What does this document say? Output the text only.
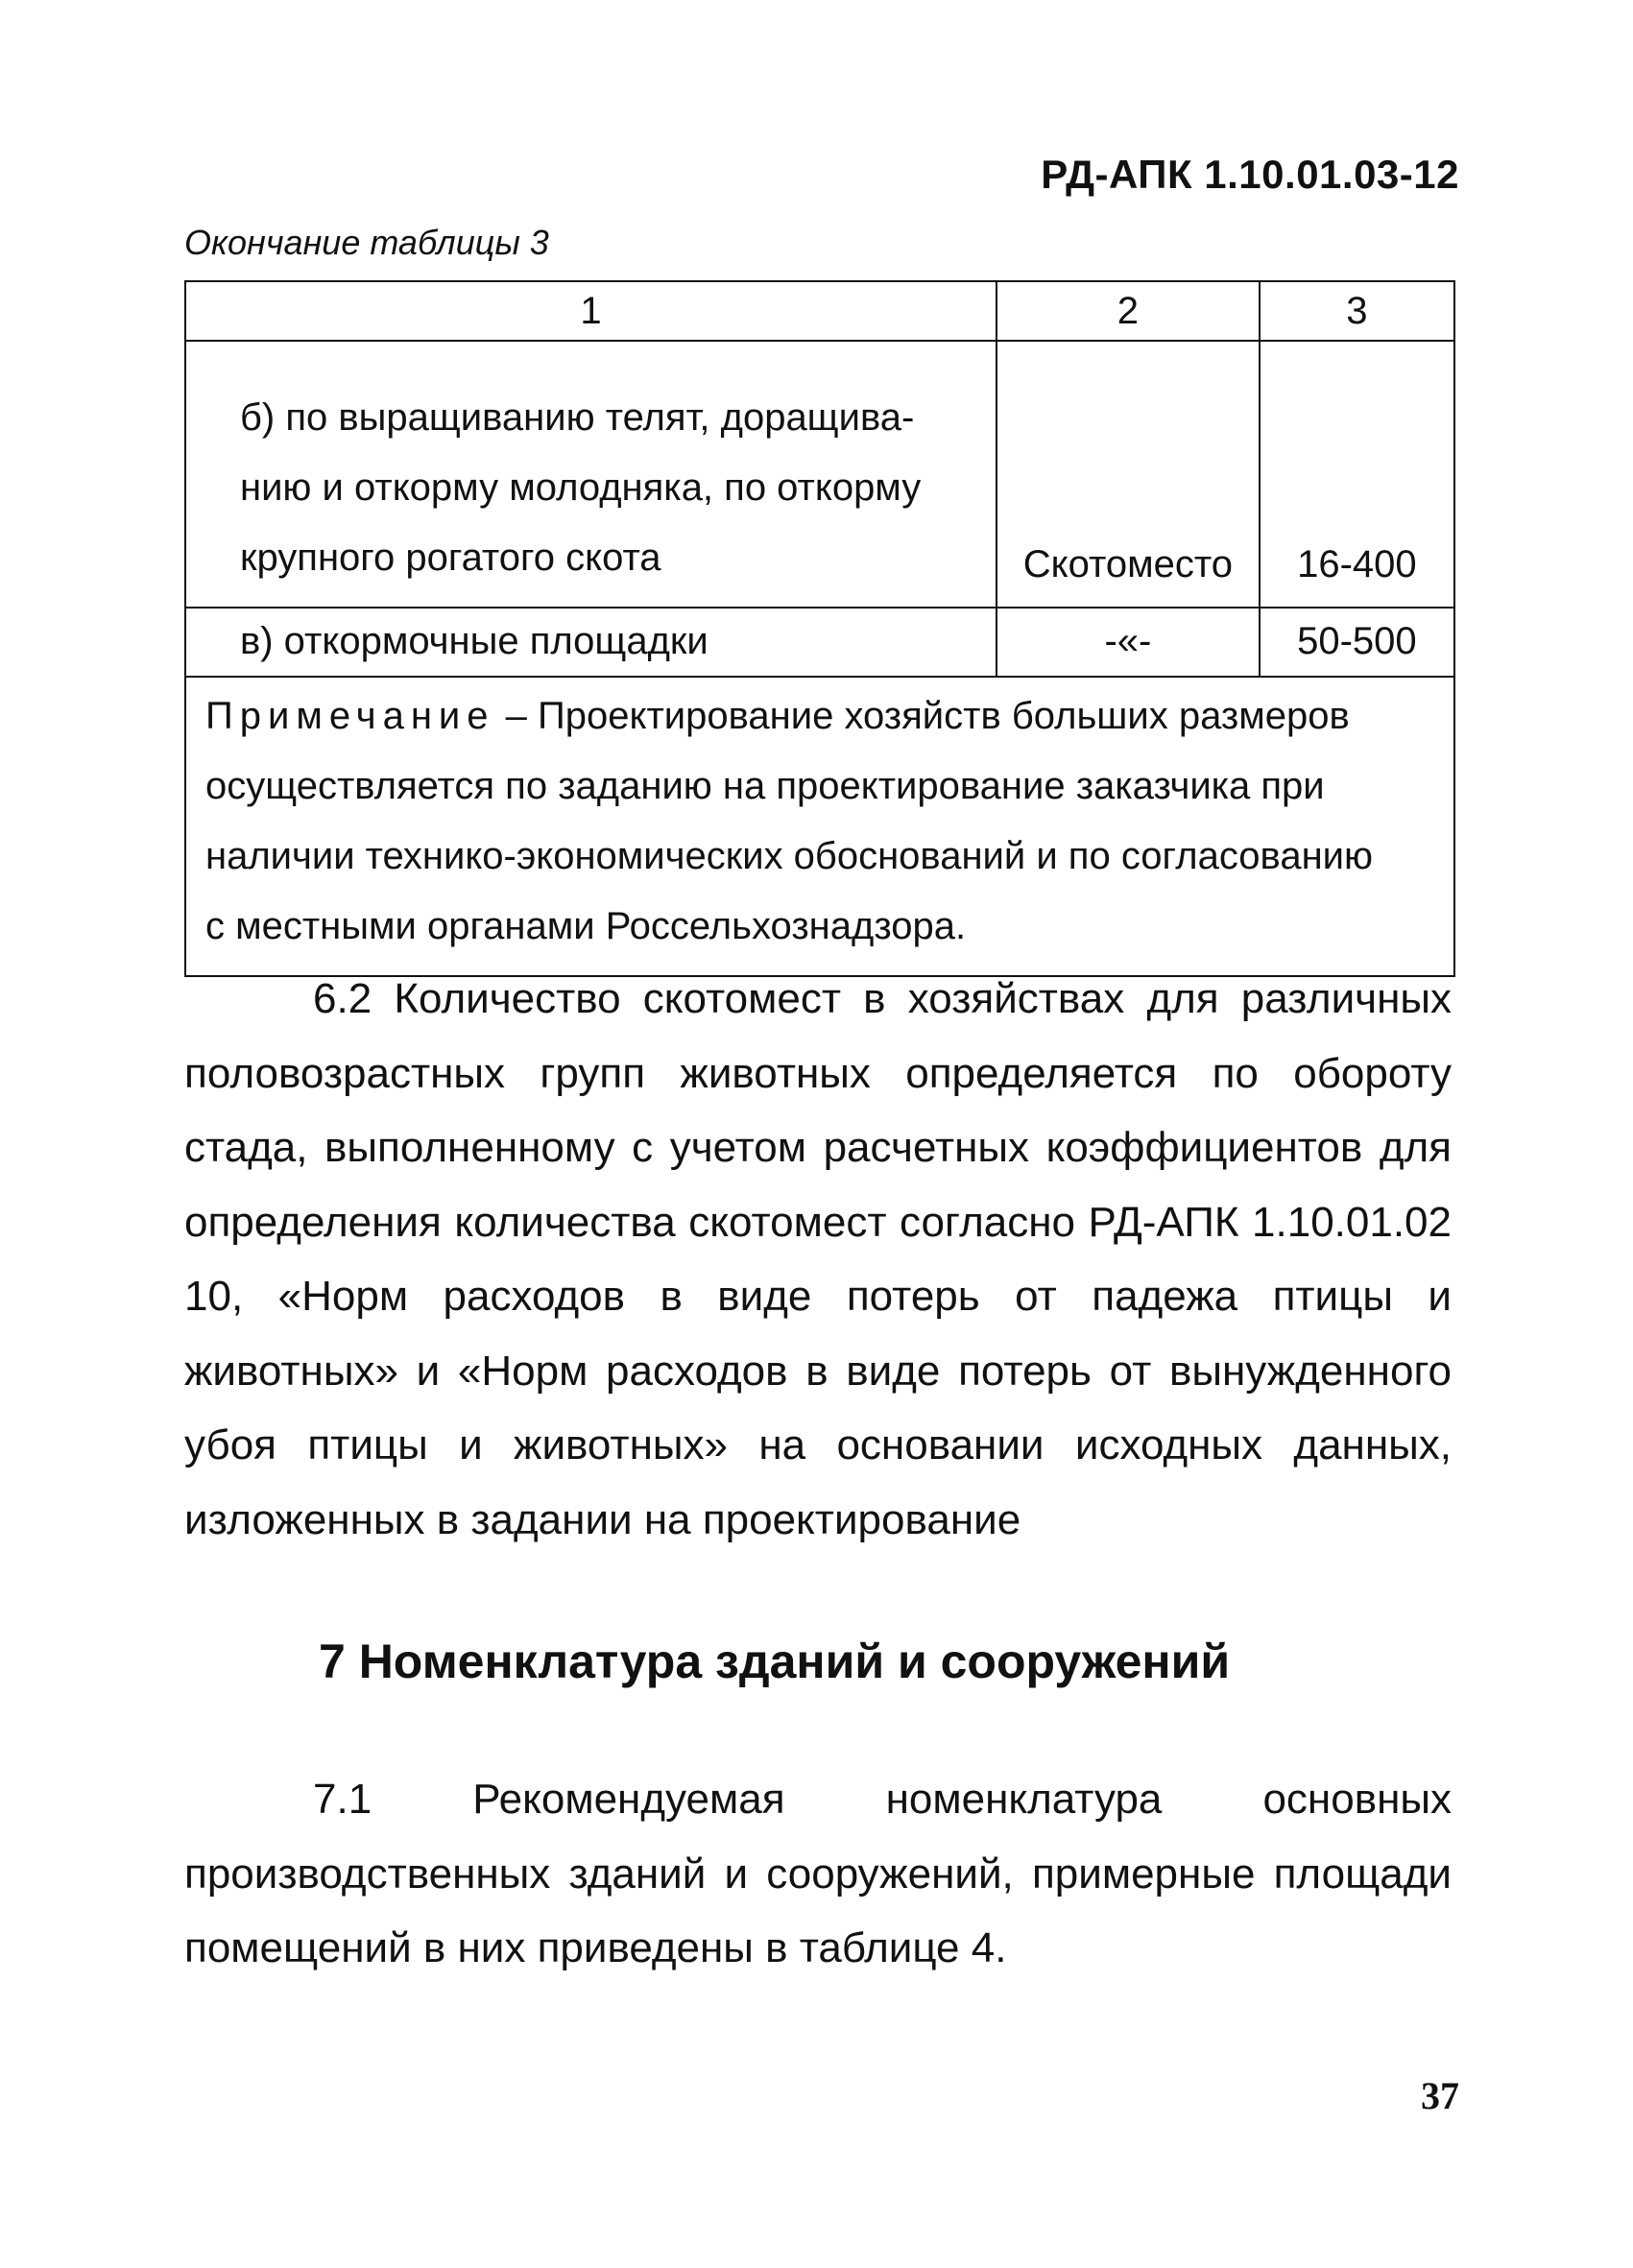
РД-АПК 1.10.01.03-12
Окончание таблицы 3
1	2	3

б) по выращиванию телят, доращива-
нию и откорму молодняка, по откорму
крупного рогатого скота	Скотоместо	16-400

в) откормочные площадки	-«-	50-500

Примечание – Проектирование хозяйств больших размеров
осуществляется по заданию на проектирование заказчика при
наличии технико-экономических обоснований и по согласованию
с местными органами Россельхознадзора.		

6.2 Количество скотомест в хозяйствах для различных половозрастных групп животных определяется по обороту стада, выполненному с учетом расчетных коэффициентов для определения количества скотомест согласно РД-АПК 1.10.01.02 10, «Норм расходов в виде потерь от падежа птицы и животных» и «Норм расходов в виде потерь от вынужденного убоя птицы и животных» на основании исходных данных, изложенных в задании на проектирование

7 Номенклатура зданий и сооружений

7.1 Рекомендуемая номенклатура основных производственных зданий и сооружений, примерные площади помещений в них приведены в таблице 4.

37
